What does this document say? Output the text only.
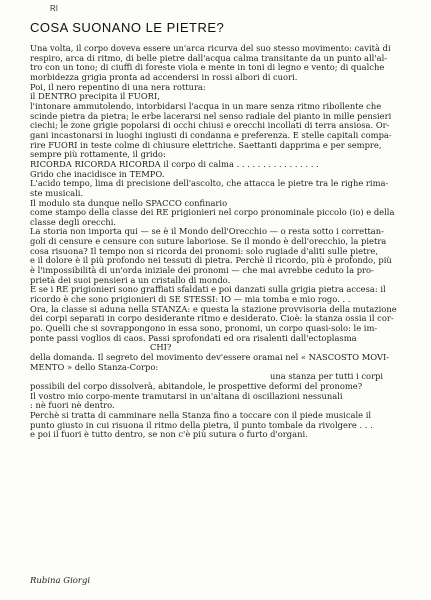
COSA SUONANO LE PIETRE?
RI
Una volta, il corpo doveva essere un'arca ricurva del suo stesso movimento: cavità di
respiro, arca di ritmo, di belle pietre dall'acqua calma transitante da un punto all'al-
tro con un tono; di ciuffi di foreste viola e mente in toni di legno e vento; di qualche
morbidezza grigia pronta ad accendersi in rossi albori di cuori.
Poi, il nero repentino di una nera rottura:
il DENTRO precipita il FUORI,
l'intonare ammutolendo, intorbidarsi l'acqua in un mare senza ritmo ribollente che
scinde pietra da pietra; le erbe lacerarsi nel senso radiale del pianto in mille pensieri
ciechi; le zone grigie popolarsi di occhi chiusi e orecchi incollati di terra ansiosa. Or-
gani incastonarsi in luoghi ingiusti di condanna e preferenza. E stelle capitali compa-
rire FUORI in teste colme di chiusure elettriche. Saettanti dapprima e per sempre,
sempre più rottamente, il grido:
RICORDA RICORDA RICORDA il corpo di calma . . . . . . . . . . . . . . . .
Grido che inacidisce in TEMPO.
L'acido tempo, lima di precisione dell'ascolto, che attacca le pietre tra le righe rima-
ste musicali.
Il modulo sta dunque nello SPACCO confinario
come stampo della classe dei RE prigionieri nel corpo pronominale piccolo (io) e della
classe degli orecchi.
La storia non importa qui — se è il Mondo dell'Orecchio — o resta sotto i correttan-
goli di censure e censure con suture laboriose. Se il mondo è dell'orecchio, la pietra
cosa risuona? Il tempo non si ricorda dei pronomi: solo rugiade d'aliti sulle pietre,
e il dolore è il più profondo nei tessuti di pietra. Perchè il ricordo, più è profondo, più
è l'impossibilità di un'orda iniziale dei pronomi — che mai avrebbe ceduto la pro-
prietà dei suoi pensieri a un cristallo di mondo.
E se i RE prigionieri sono graffiati sfaldati e poi danzati sulla grigia pietra accesa: il
ricordo è che sono prigionieri di SE STESSI: IO — mia tomba e mio rogo. . .
Ora, la classe si aduna nella STANZA: e questa la stazione provvisoria della mutazione
dei corpi separati in corpo desiderante ritmo e desiderato. Cioè: la stanza ossia il cor-
po. Quelli che si sovrappongono in essa sono, pronomi, un corpo quasi-solo: le im-
ponte passi voglios di caos. Passi sprofondati ed ora risalenti dall'ectoplasma
CHI?
della domanda. Il segreto del movimento dev'essere oramai nel « NASCOSTO MOVI-
MENTO » dello Stanza-Corpo:
una stanza per tutti i corpi
possibili del corpo dissolverà, abitandole, le prospettive deformi del pronome?
Il vostro mio corpo-mente tramutarsi in un'altana di oscillazioni nessunali
: nè fuori nè dentro.
Perchè si tratta di camminare nella Stanza fino a toccare con il piede musicale il
punto giusto in cui risuona il ritmo della pietra, il punto tombale da rivolgere . . .
e poi il fuori è tutto dentro, se non c'è più sutura o furto d'organi.
Rubina Giorgi
